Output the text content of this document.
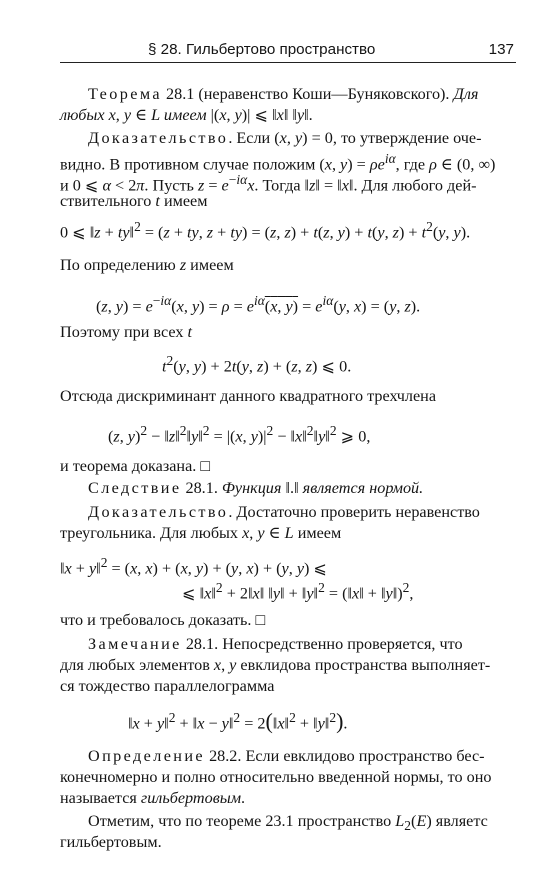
§ 28. Гильбертово пространство	137
Теорема 28.1 (неравенство Коши—Буняковского). Для
любых x, y ∈ L имеем |(x, y)| ⩽ ‖x‖ ‖y‖.
Доказательство. Если (x, y) = 0, то утверждение оче-
видно. В противном случае положим (x, $y) = \rho e^{i\alpha}$, где ρ ∈ (0, ∞)
и 0 ⩽ α < 2π. Пусть $z = e^{-i\alpha}x$. Тогда ‖z‖ = ‖x‖. Для любого дей-
ствительного t имеем
0 ⩽ ‖z + ty‖$^2$ = (z + ty, z + ty) = (z, z) + t(z, y) + t(y, $z) + t^2(y$, y).
По определению z имеем
(z, $y) = e^{-i\alpha}(x$, $y) = \rho = e^{i\alpha}(x$, $y) = e^{i\alpha}(y$, x) = (y, z).
Поэтому при всех t
$t^2(y$, y) + 2t(y, z) + (z, z) ⩽ 0.
Отсюда дискриминант данного квадратного трехчлена
(z, y)$^2$ − ‖z‖$^2$‖y‖$^2$ = |(x, $y)|^2$ − ‖x‖$^2$‖y‖$^2$ ⩾ 0,
и теорема доказана. □
Следствие 28.1. Функция ‖.‖ является нормой.
Доказательство. Достаточно проверить неравенство
треугольника. Для любых x, y ∈ L имеем
‖x + y‖$^2$ = (x, x) + (x, y) + (y, x) + (y, y) ⩽
⩽ ‖x‖$^2$ + 2‖x‖ ‖y‖ + ‖y‖$^2$ = (‖x‖ + ‖y‖)$^2$,
что и требовалось доказать. □
Замечание 28.1. Непосредственно проверяется, что
для любых элементов x, y евклидова пространства выполняет-
ся тождество параллелограмма
‖x + y‖$^2$ + ‖x − y‖$^2$ = 2(‖x‖$^2$ + ‖y‖$^2$).
Определение 28.2. Если евклидово пространство бес-
конечномерно и полно относительно введенной нормы, то оно
называется гильбертовым.
Отметим, что по теореме 23.1 пространство $L_2(E)$ являетс
гильбертовым.
